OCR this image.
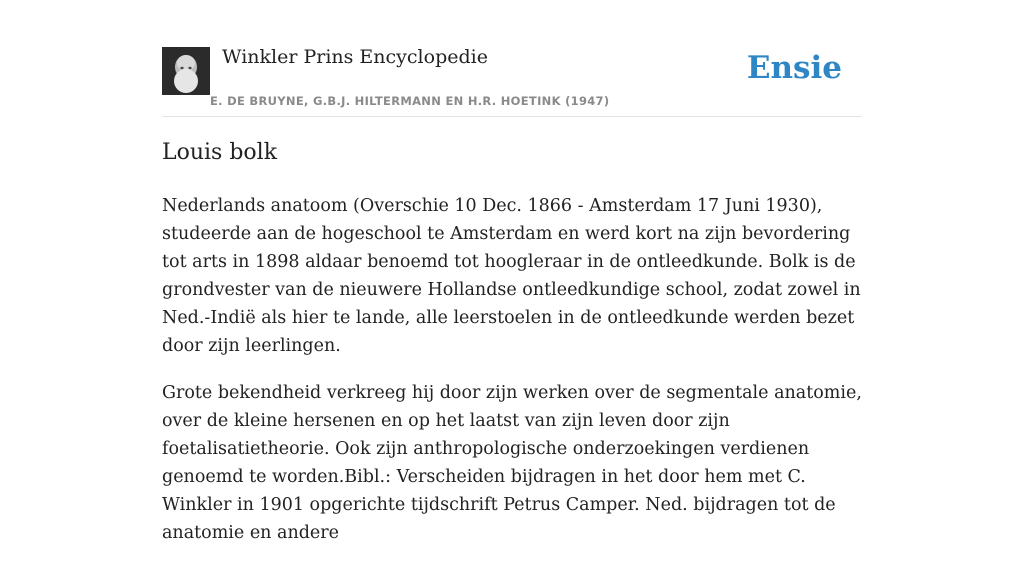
Winkler Prins Encyclopedie
E. DE BRUYNE, G.B.J. HILTERMANN EN H.R. HOETINK (1947)
Ensie
Louis bolk

Nederlands anatoom (Overschie 10 Dec. 1866 - Amsterdam 17 Juni 1930), studeerde aan de hogeschool te Amsterdam en werd kort na zijn bevordering tot arts in 1898 aldaar benoemd tot hoogleraar in de ontleedkunde. Bolk is de grondvester van de nieuwere Hollandse ontleedkundige school, zodat zowel in Ned.-Indië als hier te lande, alle leerstoelen in de ontleedkunde werden bezet door zijn leerlingen.

Grote bekendheid verkreeg hij door zijn werken over de segmentale anatomie, over de kleine hersenen en op het laatst van zijn leven door zijn foetalisatietheorie. Ook zijn anthropologische onderzoekingen verdienen genoemd te worden.Bibl.: Verscheiden bijdragen in het door hem met C. Winkler in 1901 opgerichte tijdschrift Petrus Camper. Ned. bijdragen tot de anatomie en andere
